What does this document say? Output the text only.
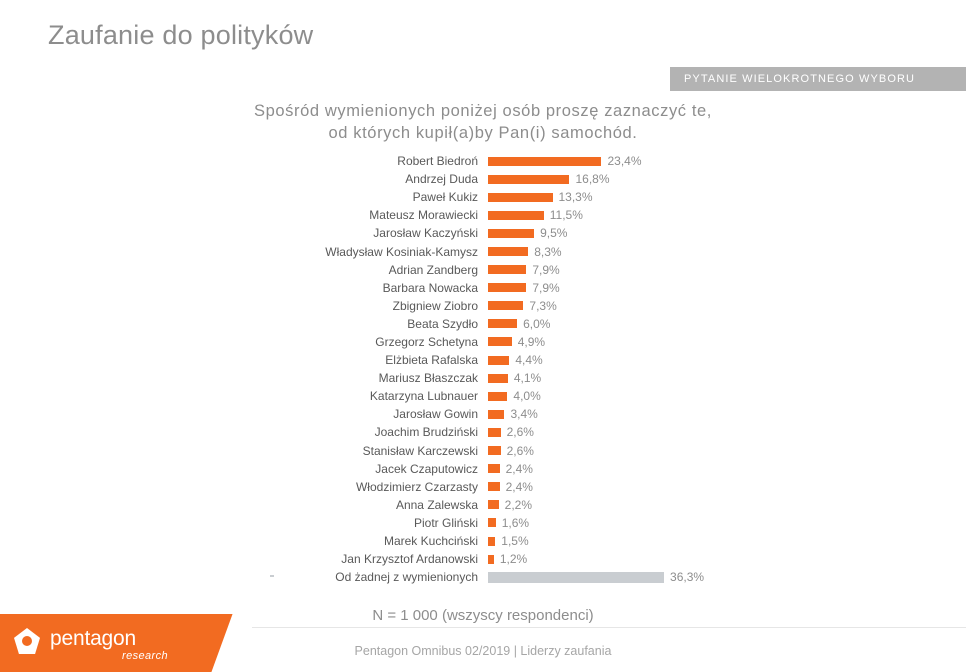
Zaufanie do polityków
PYTANIE WIELOKROTNEGO WYBORU
Spośród wymienionych poniżej osób proszę zaznaczyć te,
od których kupił(a)by Pan(i) samochód.
Robert Biedroń	23,4%
Andrzej Duda	16,8%
Paweł Kukiz	13,3%
Mateusz Morawiecki	11,5%
Jarosław Kaczyński	9,5%
Władysław Kosiniak-Kamysz	8,3%
Adrian Zandberg	7,9%
Barbara Nowacka	7,9%
Zbigniew Ziobro	7,3%
Beata Szydło	6,0%
Grzegorz Schetyna	4,9%
Elżbieta Rafalska	4,4%
Mariusz Błaszczak	4,1%
Katarzyna Lubnauer	4,0%
Jarosław Gowin	3,4%
Joachim Brudziński	2,6%
Stanisław Karczewski	2,6%
Jacek Czaputowicz	2,4%
Włodzimierz Czarzasty	2,4%
Anna Zalewska	2,2%
Piotr Gliński	1,6%
Marek Kuchciński	1,5%
Jan Krzysztof Ardanowski	1,2%
Od żadnej z wymienionych	36,3%
N = 1 000 (wszyscy respondenci)
Pentagon Omnibus 02/2019 | Liderzy zaufania
pentagon
research
